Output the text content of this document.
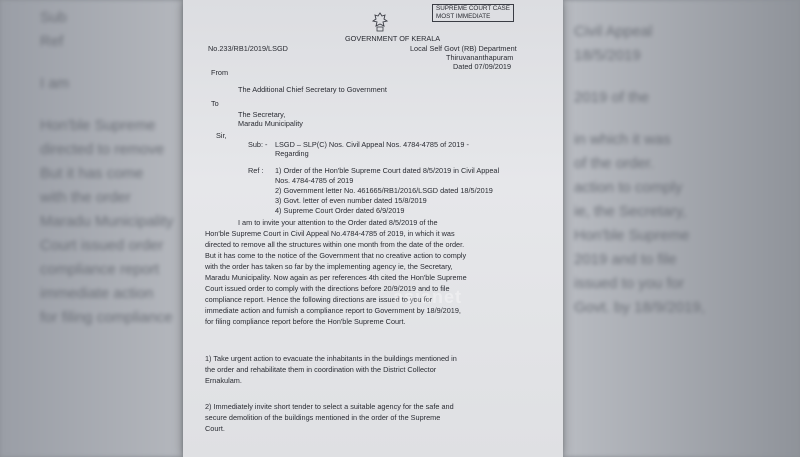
Sub
Ref
I am
Hon'ble Supreme
directed to remove
But it has come
with the order
Maradu Municipality
Court issued order
compliance report
immediate action
for filing compliance
Civil Appeal
18/5/2019
2019 of the
in which it was
of the order.
action to comply
ie, the Secretary,
Hon'ble Supreme
2019 and to file
issued to you for
Govt. by 18/9/2019,
SUPREME COURT CASE
MOST IMMEDIATE
GOVERNMENT OF KERALA
No.233/RB1/2019/LSGD	Local Self Govt (RB) Department
Thiruvananthapuram
Dated 07/09/2019
From
The Additional Chief Secretary to Government
To
The Secretary,
Maradu Municipality
Sir,
Sub: - LSGD – SLP(C) Nos. Civil Appeal Nos. 4784-4785 of 2019 -
Regarding
Ref : 1) Order of the Hon'ble Supreme Court dated 8/5/2019 in Civil Appeal
Nos. 4784-4785 of 2019
2) Government letter No. 461665/RB1/2016/LSGD dated 18/5/2019
3) Govt. letter of even number dated 15/8/2019
4) Supreme Court Order dated 6/9/2019
I am to invite your attention to the Order dated 8/5/2019 of the
Hon'ble Supreme Court in Civil Appeal No.4784-4785 of 2019, in which it was
directed to remove all the structures within one month from the date of the order.
But it has come to the notice of the Government that no creative action to comply
with the order has taken so far by the implementing agency ie, the Secretary,
Maradu Municipality. Now again as per references 4th cited the Hon'ble Supreme
Court issued order to comply with the directions before 20/9/2019 and to file
compliance report. Hence the following directions are issued to you for
immediate action and furnish a compliance report to Government by 18/9/2019,
for filing compliance report before the Hon'ble Supreme Court.
asianet
1) Take urgent action to evacuate the inhabitants in the buildings mentioned in
the order and rehabilitate them in coordination with the District Collector
Ernakulam.
2) Immediately invite short tender to select a suitable agency for the safe and
secure demolition of the buildings mentioned in the order of the Supreme
Court.
